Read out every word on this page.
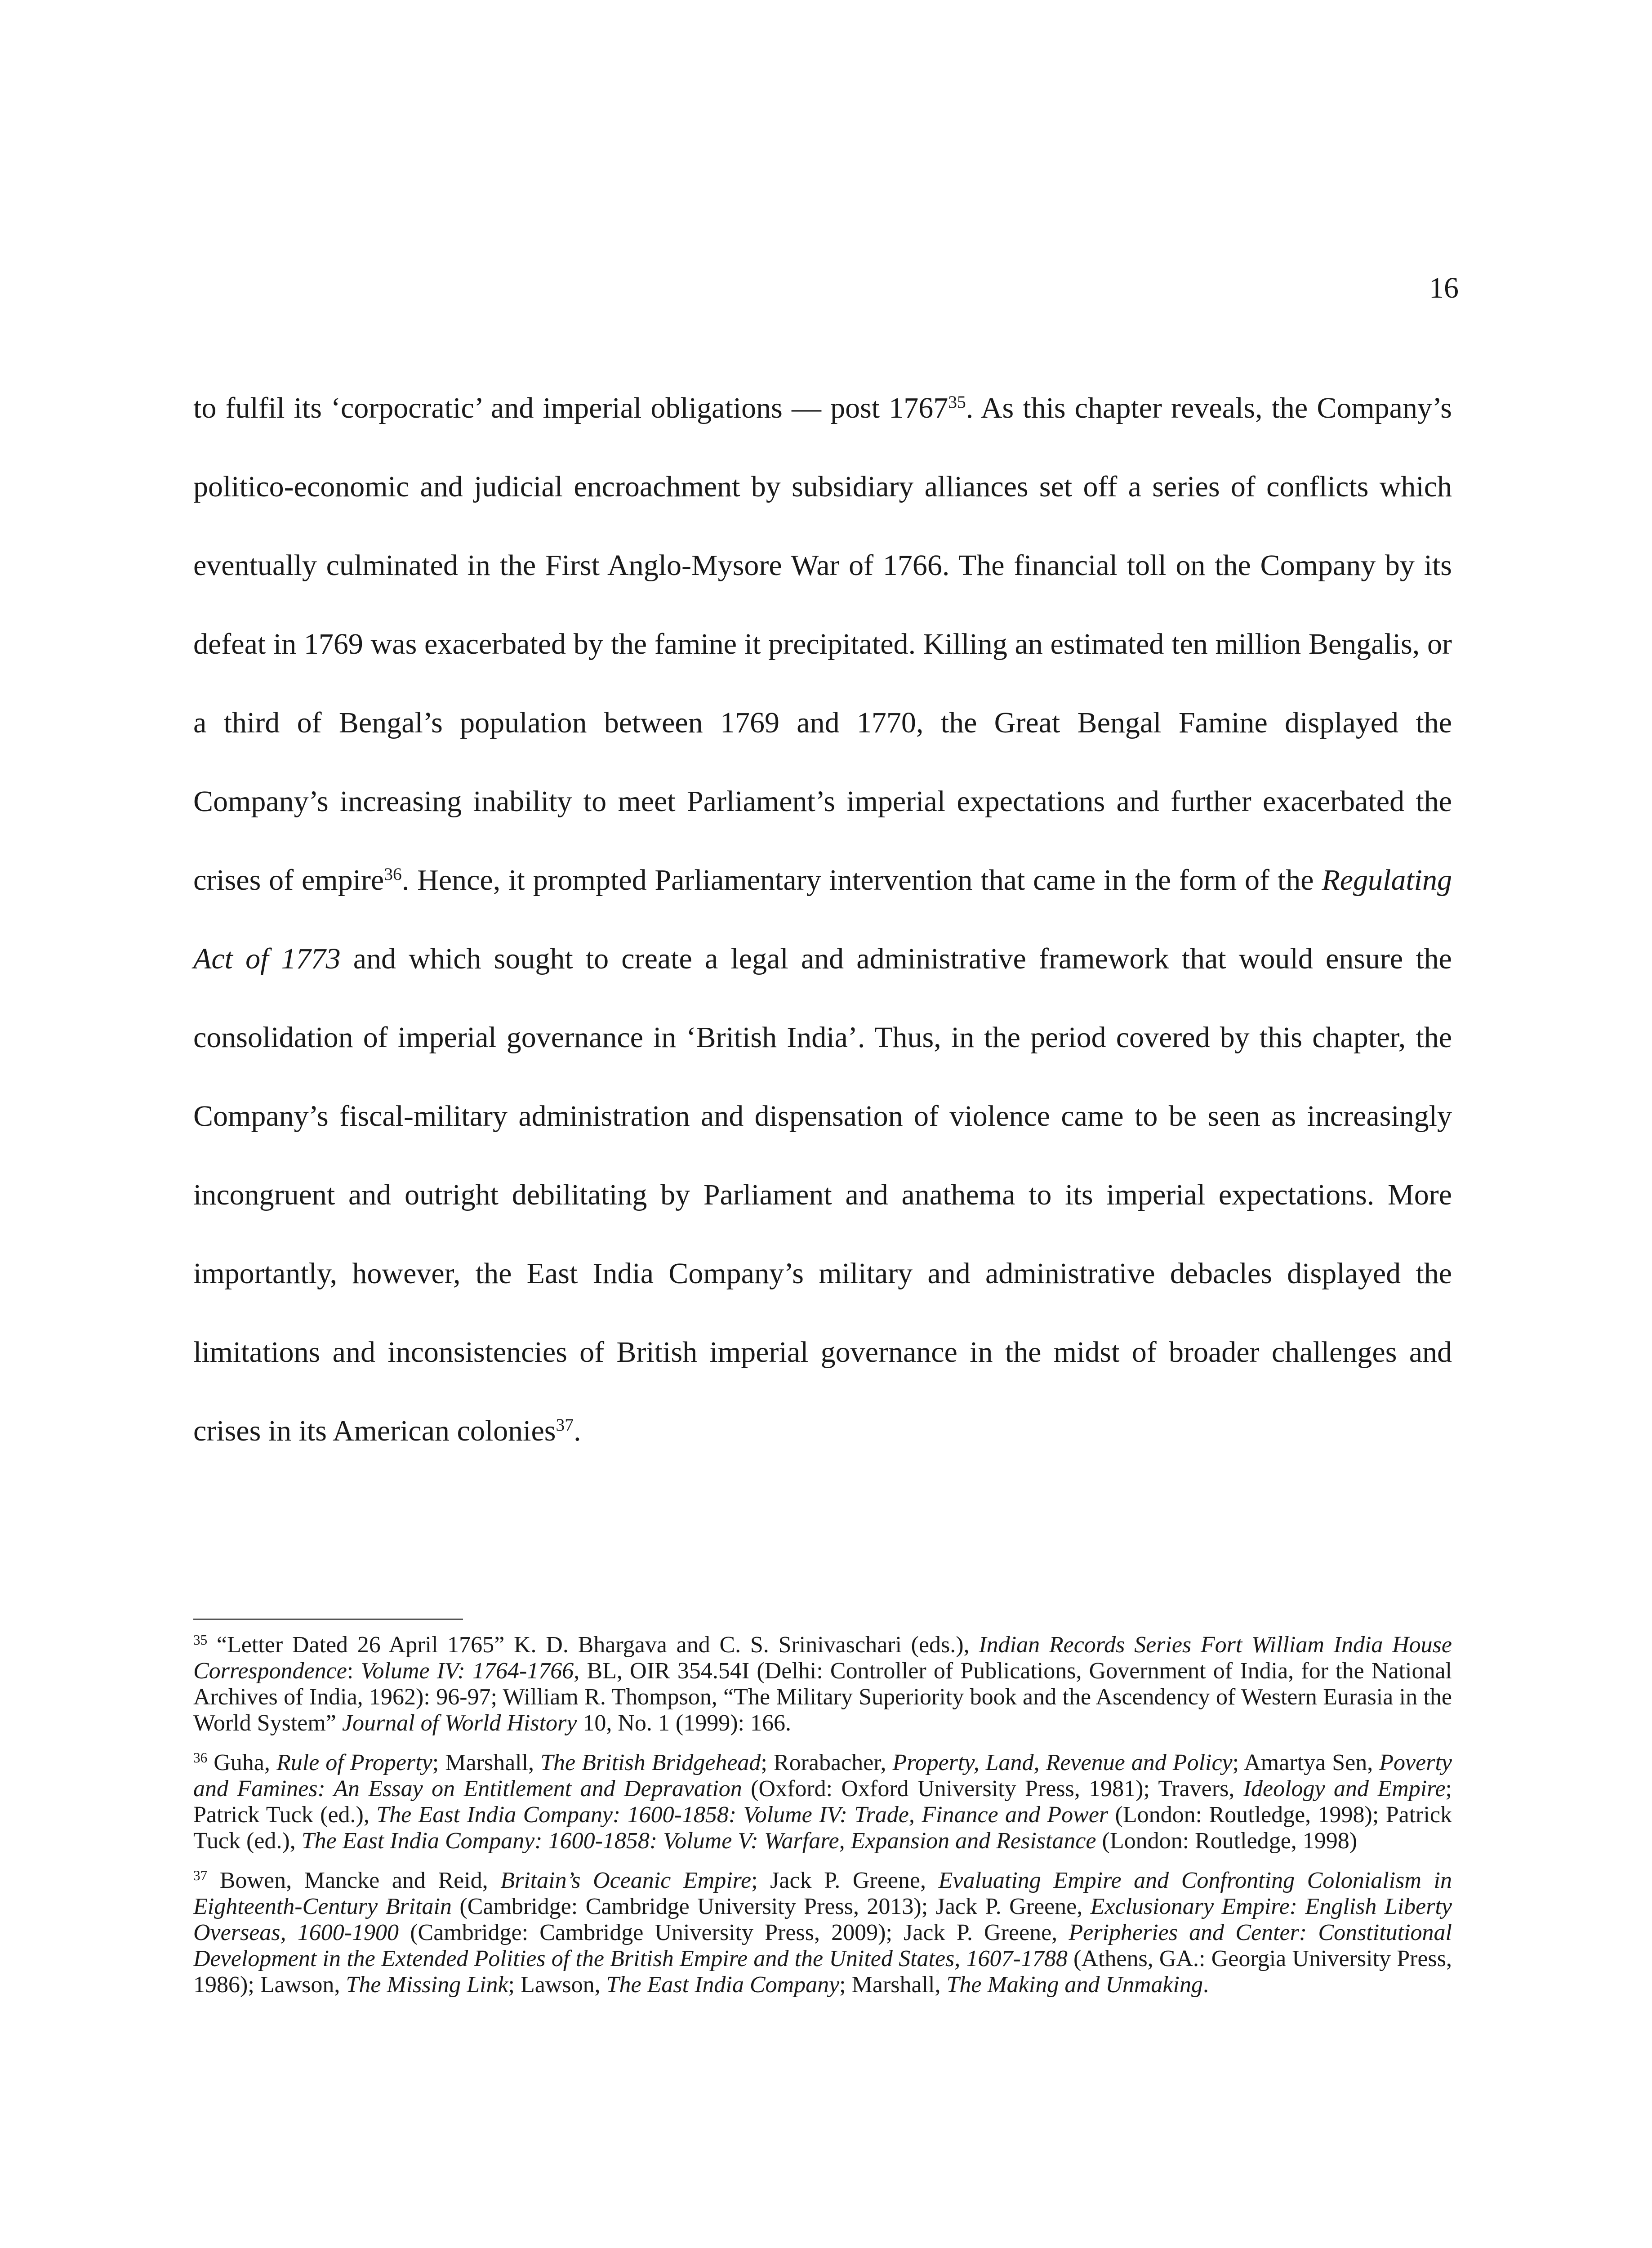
16

to fulfil its ‘corpocratic’ and imperial obligations — post 1767$^{35}$. As this chapter reveals, the Company’s politico-economic and judicial encroachment by subsidiary alliances set off a series of conflicts which eventually culminated in the First Anglo-Mysore War of 1766. The financial toll on the Company by its defeat in 1769 was exacerbated by the famine it precipitated. Killing an estimated ten million Bengalis, or a third of Bengal’s population between 1769 and 1770, the Great Bengal Famine displayed the Company’s increasing inability to meet Parliament’s imperial expectations and further exacerbated the crises of empire$^{36}$. Hence, it prompted Parliamentary intervention that came in the form of the Regulating Act of 1773 and which sought to create a legal and administrative framework that would ensure the consolidation of imperial governance in ‘British India’. Thus, in the period covered by this chapter, the Company’s fiscal-military administration and dispensation of violence came to be seen as increasingly incongruent and outright debilitating by Parliament and anathema to its imperial expectations. More importantly, however, the East India Company’s military and administrative debacles displayed the limitations and inconsistencies of British imperial governance in the midst of broader challenges and crises in its American colonies$^{37}$.

$^{35}$ “Letter Dated 26 April 1765” K. D. Bhargava and C. S. Srinivaschari (eds.), Indian Records Series Fort William India House Correspondence: Volume IV: 1764-1766, BL, OIR 354.54I (Delhi: Controller of Publications, Government of India, for the National Archives of India, 1962): 96-97; William R. Thompson, “The Military Superiority book and the Ascendency of Western Eurasia in the World System” Journal of World History 10, No. 1 (1999): 166.

$^{36}$ Guha, Rule of Property; Marshall, The British Bridgehead; Rorabacher, Property, Land, Revenue and Policy; Amartya Sen, Poverty and Famines: An Essay on Entitlement and Depravation (Oxford: Oxford University Press, 1981); Travers, Ideology and Empire; Patrick Tuck (ed.), The East India Company: 1600-1858: Volume IV: Trade, Finance and Power (London: Routledge, 1998); Patrick Tuck (ed.), The East India Company: 1600-1858: Volume V: Warfare, Expansion and Resistance (London: Routledge, 1998)

$^{37}$ Bowen, Mancke and Reid, Britain’s Oceanic Empire; Jack P. Greene, Evaluating Empire and Confronting Colonialism in Eighteenth-Century Britain (Cambridge: Cambridge University Press, 2013); Jack P. Greene, Exclusionary Empire: English Liberty Overseas, 1600-1900 (Cambridge: Cambridge University Press, 2009); Jack P. Greene, Peripheries and Center: Constitutional Development in the Extended Polities of the British Empire and the United States, 1607-1788 (Athens, GA.: Georgia University Press, 1986); Lawson, The Missing Link; Lawson, The East India Company; Marshall, The Making and Unmaking.
